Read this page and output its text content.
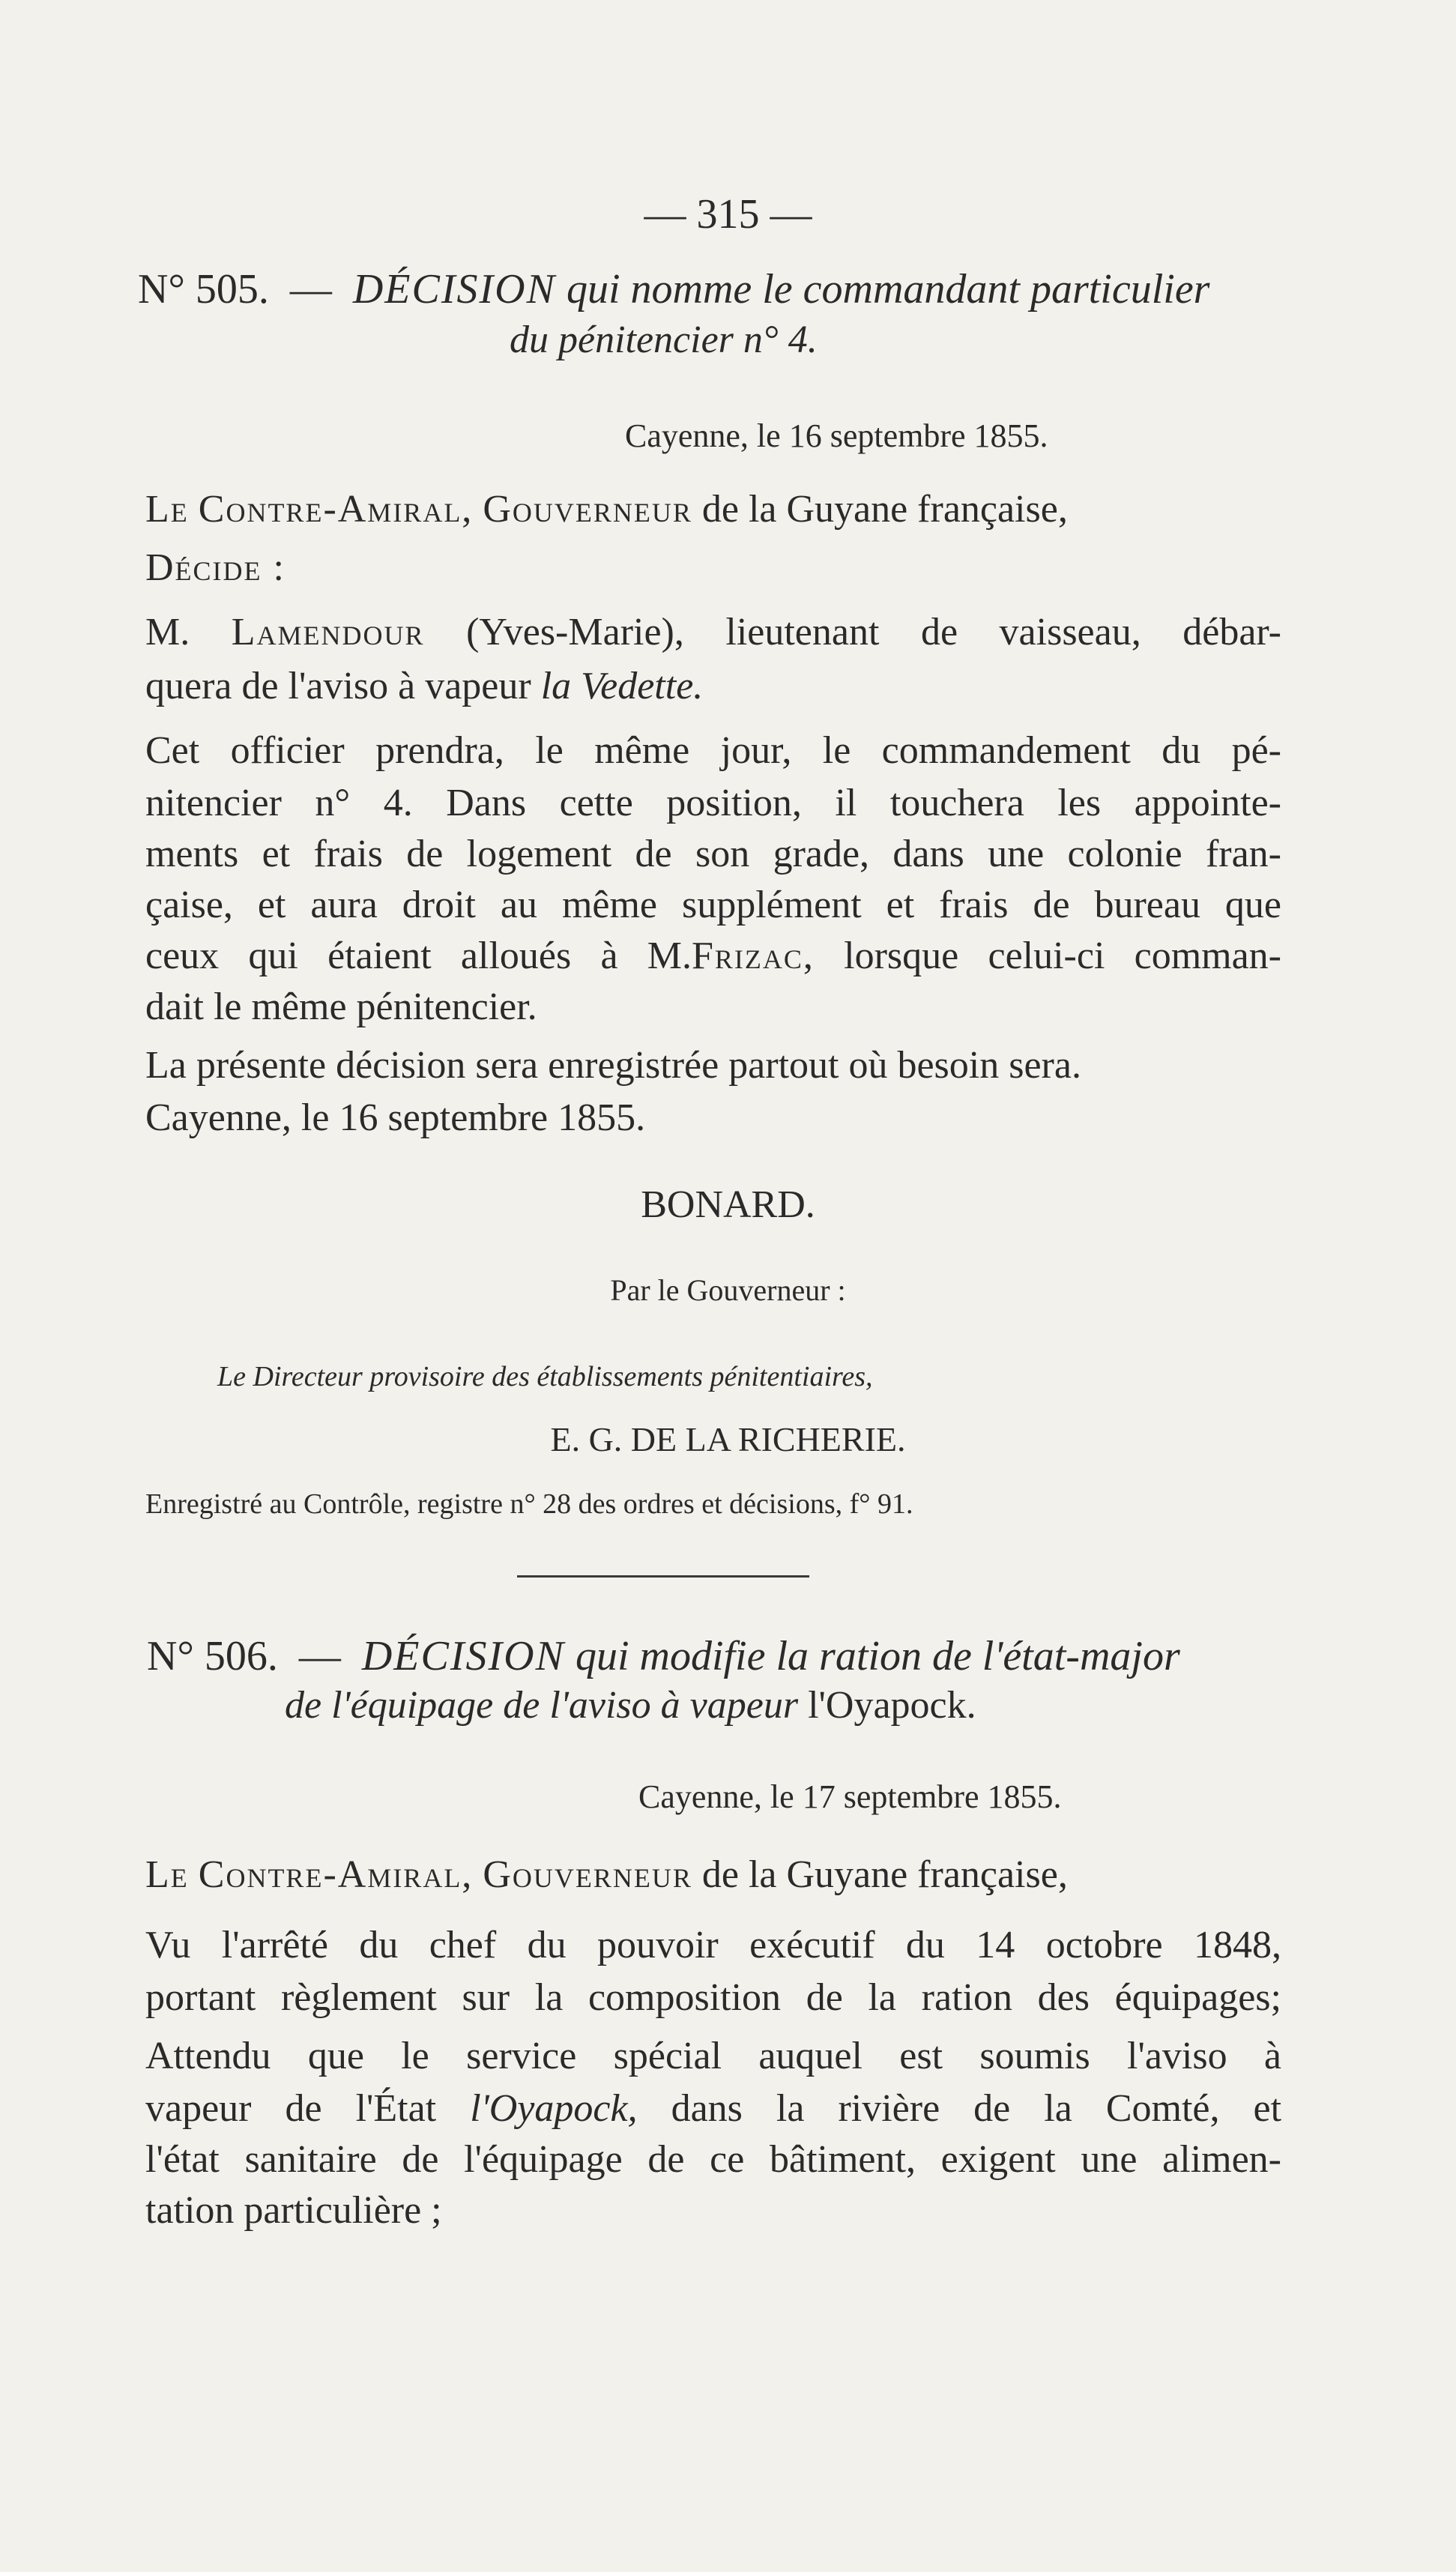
— 315 —
N° 505. — DÉCISION qui nomme le commandant particulier
du pénitencier n° 4.
Cayenne, le 16 septembre 1855.
Le Contre-Amiral, Gouverneur de la Guyane française,
Décide :
M. Lamendour (Yves-Marie), lieutenant de vaisseau, débar-
quera de l'aviso à vapeur la Vedette.
Cet officier prendra, le même jour, le commandement du pé-
nitencier n° 4. Dans cette position, il touchera les appointe-
ments et frais de logement de son grade, dans une colonie fran-
çaise, et aura droit au même supplément et frais de bureau que
ceux qui étaient alloués à M.Frizac, lorsque celui-ci comman-
dait le même pénitencier.
La présente décision sera enregistrée partout où besoin sera.
Cayenne, le 16 septembre 1855.
BONARD.
Par le Gouverneur :
Le Directeur provisoire des établissements pénitentiaires,
E. G. DE LA RICHERIE.
Enregistré au Contrôle, registre n° 28 des ordres et décisions, f° 91.
N° 506. — DÉCISION qui modifie la ration de l'état-major
de l'équipage de l'aviso à vapeur l'Oyapock.
Cayenne, le 17 septembre 1855.
Le Contre-Amiral, Gouverneur de la Guyane française,
Vu l'arrêté du chef du pouvoir exécutif du 14 octobre 1848,
portant règlement sur la composition de la ration des équipages;
Attendu que le service spécial auquel est soumis l'aviso à
vapeur de l'État l'Oyapock, dans la rivière de la Comté, et
l'état sanitaire de l'équipage de ce bâtiment, exigent une alimen-
tation particulière ;
